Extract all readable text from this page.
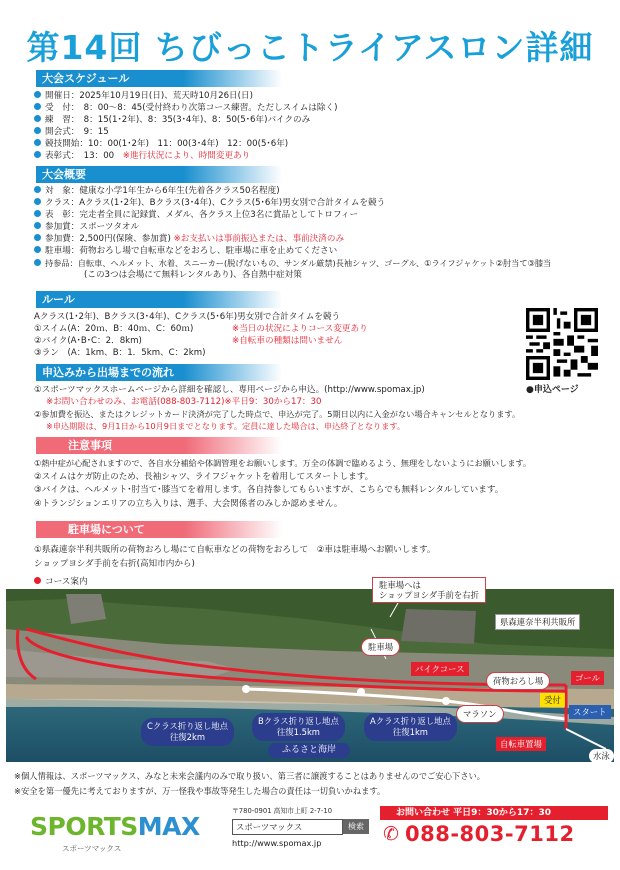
第14回 ちびっこトライアスロン詳細
大会スケジュール
開催日：2025年10月19日(日)、荒天時10月26日(日)
受　付：　8：00～8：45(受付終わり次第コース練習。ただしスイムは除く)
練　習：　8：15(1･2年)、8：35(3･4年)、8：50(5･6年)バイクのみ
開会式：　9：15
競技開始：10：00(1･2年)　11：00(3･4年)　12：00(5･6年)
表彰式：　13：00　 ※進行状況により、時間変更あり
大会概要
対　象：健康な小学1年生から6年生(先着各クラス50名程度)
クラス：Aクラス(1･2年)、Bクラス(3･4年)、Cクラス(5･6年)男女別で合計タイムを競う
表　彰：完走者全員に記録賞、メダル、各クラス上位3名に賞品としてトロフィー
参加賞：スポーツタオル
参加費：2,500円(保険、参加賞) ※お支払いは事前振込または、事前決済のみ
駐車場：荷物おろし場で自転車などをおろし、駐車場に車を止めてください
持参品：自転車、ヘルメット、水着、スニーカー(脱げないもの、サンダル厳禁)長袖シャツ、ゴーグル、①ライフジャケット②肘当て③膝当
(この3つは会場にて無料レンタルあり)、各自熱中症対策
ルール
Aクラス(1･2年)、Bクラス(3･4年)、Cクラス(5･6年)男女別で合計タイムを競う
①スイム(A：20ｍ、B：40ｍ、C：60ｍ)	※当日の状況によりコース変更あり
②バイク(A･B･C：2．8km)	※自転車の種類は問いません
③ラン　(A：1km、B：1．5km、C：2km)
●申込ページ
申込みから出場までの流れ
①スポーツマックスホームページから詳細を確認し、専用ページから申込。(http://www.spomax.jp)
※お問い合わせのみ、お電話(088-803-7112)※平日9：30から17：30
②参加費を振込、またはクレジットカード決済が完了した時点で、申込が完了。5期日以内に入金がない場合キャンセルとなります。
※申込期限は、9月1日から10月9日までとなります。定員に達した場合は、申込終了となります。
注意事項
①熱中症が心配されますので、各自水分補給や体調管理をお願いします。万全の体調で臨めるよう、無理をしないようにお願いします。
②スイムはケガ防止のため、長袖シャツ、ライフジャケットを着用してスタートします。
③バイクは、ヘルメット･肘当て･膝当てを着用します。各自持参してもらいますが、こちらでも無料レンタルしています。
④トランジションエリアの立ち入りは、選手、大会関係者のみしか認めません。
駐車場について
①県森連奈半利共販所の荷物おろし場にて自転車などの荷物をおろして　②車は駐車場へお願いします。
ショップヨシダ手前を右折(高知市内から)
コース案内	駐車場へは
ショップヨシダ手前を右折
県森連奈半利共販所
駐車場
バイクコース
荷物おろし場	ゴール
マラソン
受付
スタート
自転車置場
水泳
Cクラス折り返し地点
往復2km
Bクラス折り返し地点
往復1.5km
Aクラス折り返し地点
往復1km
ふるさと海岸
※個人情報は、スポーツマックス、みなと未来会議内のみで取り扱い、第三者に譲渡することはありませんのでご安心下さい。
※安全を第一優先に考えておりますが、万一怪我や事故等発生した場合の責任は一切負いかねます。
SPORTSMAX
スポーツマックス
〒780-0901 高知市上町 2-7-10
スポーツマックス	検索
http://www.spomax.jp
お問い合わせ 平日9：30から17：30
✆ 088-803-7112
